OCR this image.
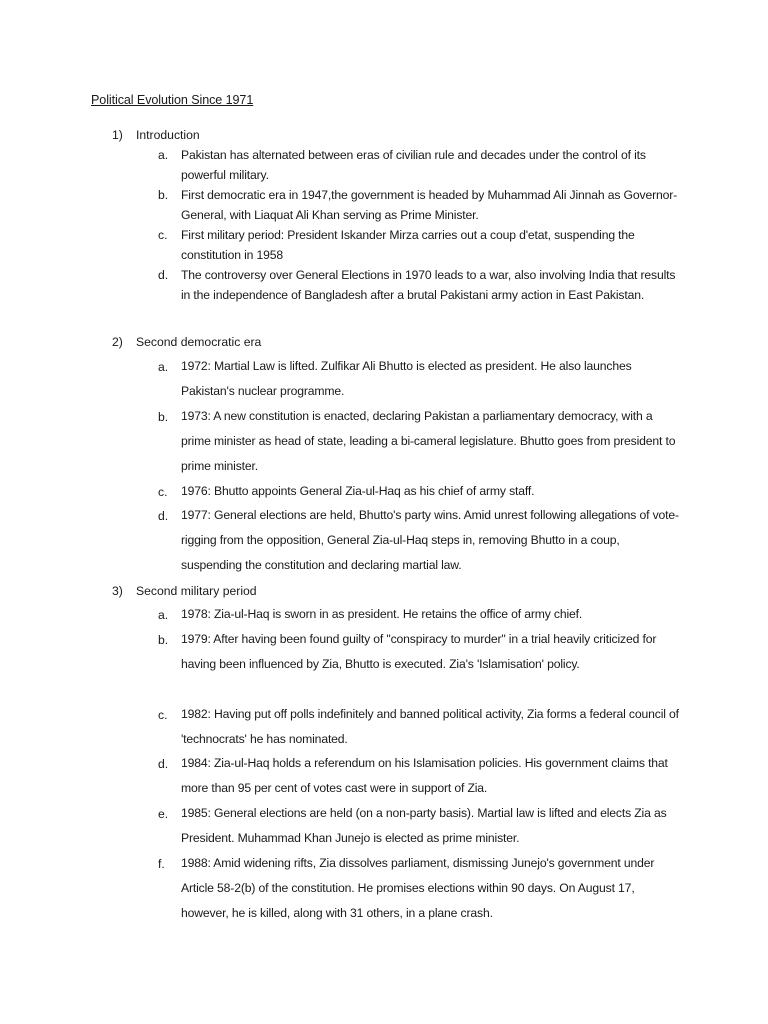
Political Evolution Since 1971
1) Introduction
a. Pakistan has alternated between eras of civilian rule and decades under the control of its powerful military.
b. First democratic era in 1947,the government is headed by Muhammad Ali Jinnah as Governor-General, with Liaquat Ali Khan serving as Prime Minister.
c. First military period: President Iskander Mirza carries out a coup d'etat, suspending the constitution in 1958
d. The controversy over General Elections in 1970 leads to a war, also involving India that results in the independence of Bangladesh after a brutal Pakistani army action in East Pakistan.
2) Second democratic era
a. 1972: Martial Law is lifted. Zulfikar Ali Bhutto is elected as president. He also launches Pakistan's nuclear programme.
b. 1973: A new constitution is enacted, declaring Pakistan a parliamentary democracy, with a prime minister as head of state, leading a bi-cameral legislature. Bhutto goes from president to prime minister.
c. 1976: Bhutto appoints General Zia-ul-Haq as his chief of army staff.
d. 1977: General elections are held, Bhutto's party wins. Amid unrest following allegations of vote-rigging from the opposition, General Zia-ul-Haq steps in, removing Bhutto in a coup, suspending the constitution and declaring martial law.
3) Second military period
a. 1978: Zia-ul-Haq is sworn in as president. He retains the office of army chief.
b. 1979: After having been found guilty of "conspiracy to murder" in a trial heavily criticized for having been influenced by Zia, Bhutto is executed. Zia's 'Islamisation' policy.
c. 1982: Having put off polls indefinitely and banned political activity, Zia forms a federal council of 'technocrats' he has nominated.
d. 1984: Zia-ul-Haq holds a referendum on his Islamisation policies. His government claims that more than 95 per cent of votes cast were in support of Zia.
e. 1985: General elections are held (on a non-party basis). Martial law is lifted and elects Zia as President. Muhammad Khan Junejo is elected as prime minister.
f. 1988: Amid widening rifts, Zia dissolves parliament, dismissing Junejo's government under Article 58-2(b) of the constitution. He promises elections within 90 days. On August 17, however, he is killed, along with 31 others, in a plane crash.
